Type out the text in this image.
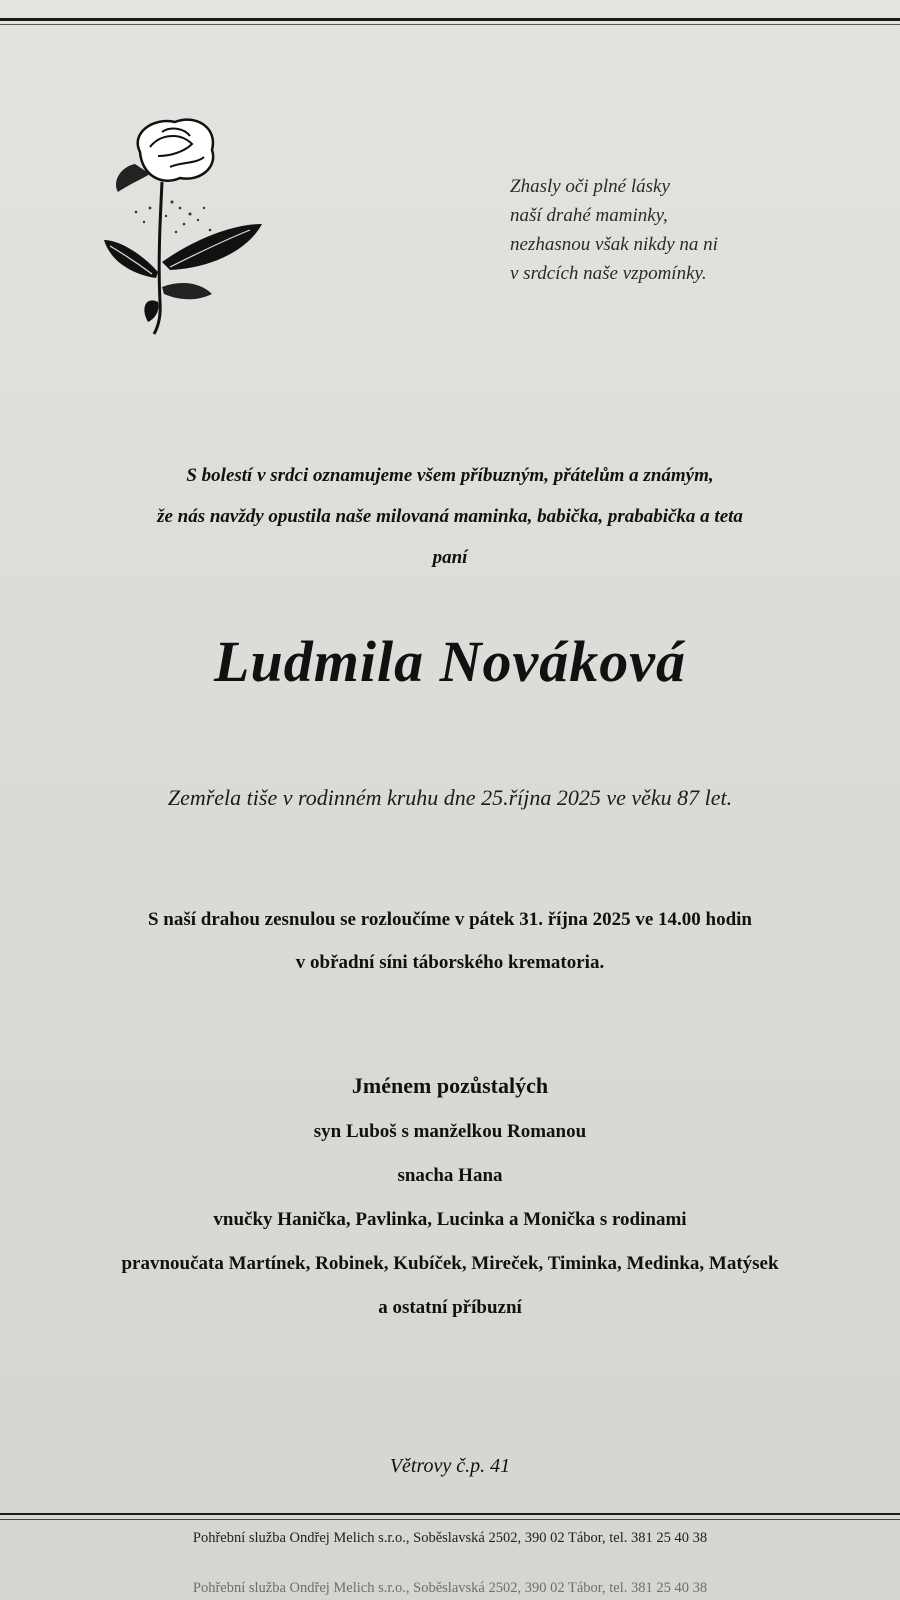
Zhasly oči plné lásky
naší drahé maminky,
nezhasnou však nikdy na ni
v srdcích naše vzpomínky.
S bolestí v srdci oznamujeme všem příbuzným, přátelům a známým,
že nás navždy opustila naše milovaná maminka, babička, prababička a teta
paní
Ludmila Nováková
Zemřela tiše v rodinném kruhu dne 25.října 2025 ve věku 87 let.
S naší drahou zesnulou se rozloučíme v pátek 31. října 2025 ve 14.00 hodin
v obřadní síni táborského krematoria.
Jménem pozůstalých
syn Luboš s manželkou Romanou
snacha Hana
vnučky Hanička, Pavlinka, Lucinka a Monička s rodinami
pravnoučata Martínek, Robinek, Kubíček, Mireček, Timinka, Medinka, Matýsek
a ostatní příbuzní
Větrovy č.p. 41
Pohřební služba Ondřej Melich s.r.o., Soběslavská 2502, 390 02 Tábor, tel. 381 25 40 38
Pohřební služba Ondřej Melich s.r.o., Soběslavská 2502, 390 02 Tábor, tel. 381 25 40 38
